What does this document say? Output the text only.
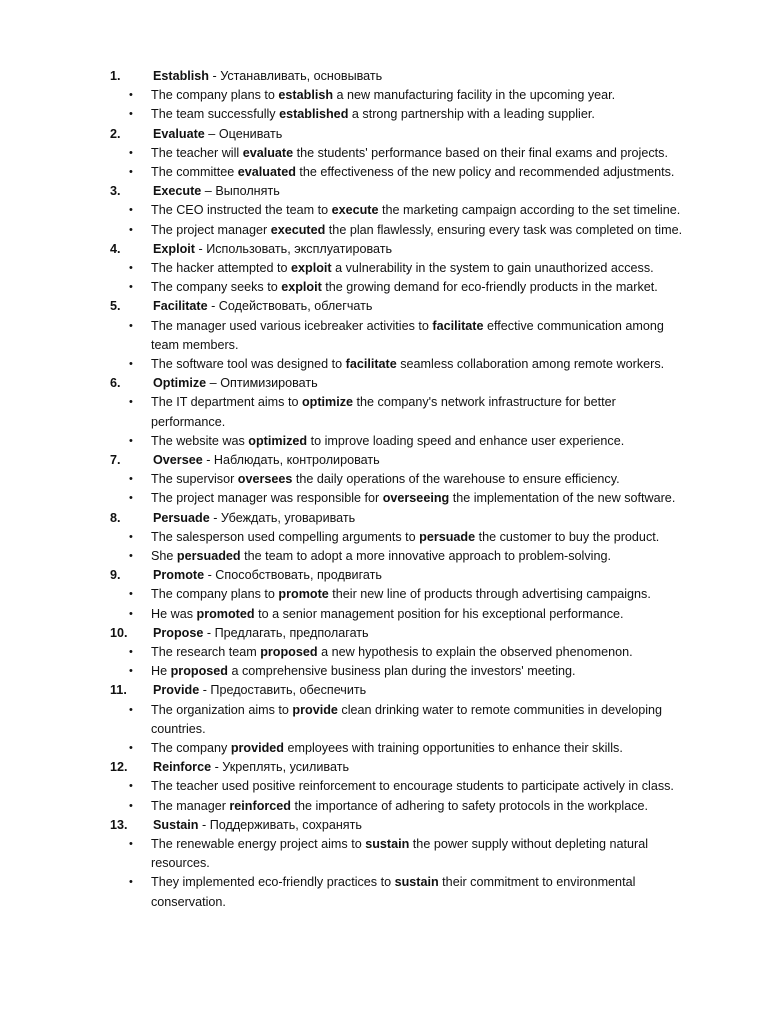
1.	Establish - Устанавливать, основывать
• The company plans to establish a new manufacturing facility in the upcoming year.
• The team successfully established a strong partnership with a leading supplier.
2.	Evaluate – Оценивать
• The teacher will evaluate the students' performance based on their final exams and projects.
• The committee evaluated the effectiveness of the new policy and recommended adjustments.
3.	Execute – Выполнять
• The CEO instructed the team to execute the marketing campaign according to the set timeline.
• The project manager executed the plan flawlessly, ensuring every task was completed on time.
4.	Exploit - Использовать, эксплуатировать
• The hacker attempted to exploit a vulnerability in the system to gain unauthorized access.
• The company seeks to exploit the growing demand for eco-friendly products in the market.
5.	Facilitate - Содействовать, облегчать
• The manager used various icebreaker activities to facilitate effective communication among
team members.
• The software tool was designed to facilitate seamless collaboration among remote workers.
6.	Optimize – Оптимизировать
• The IT department aims to optimize the company's network infrastructure for better
performance.
• The website was optimized to improve loading speed and enhance user experience.
7.	Oversee - Наблюдать, контролировать
• The supervisor oversees the daily operations of the warehouse to ensure efficiency.
• The project manager was responsible for overseeing the implementation of the new software.
8.	Persuade - Убеждать, уговаривать
• The salesperson used compelling arguments to persuade the customer to buy the product.
• She persuaded the team to adopt a more innovative approach to problem-solving.
9.	Promote - Способствовать, продвигать
• The company plans to promote their new line of products through advertising campaigns.
• He was promoted to a senior management position for his exceptional performance.
10. Propose - Предлагать, предполагать
• The research team proposed a new hypothesis to explain the observed phenomenon.
• He proposed a comprehensive business plan during the investors' meeting.
11. Provide - Предоставить, обеспечить
• The organization aims to provide clean drinking water to remote communities in developing
countries.
• The company provided employees with training opportunities to enhance their skills.
12. Reinforce - Укреплять, усиливать
• The teacher used positive reinforcement to encourage students to participate actively in class.
• The manager reinforced the importance of adhering to safety protocols in the workplace.
13. Sustain - Поддерживать, сохранять
• The renewable energy project aims to sustain the power supply without depleting natural
resources.
• They implemented eco-friendly practices to sustain their commitment to environmental
conservation.
